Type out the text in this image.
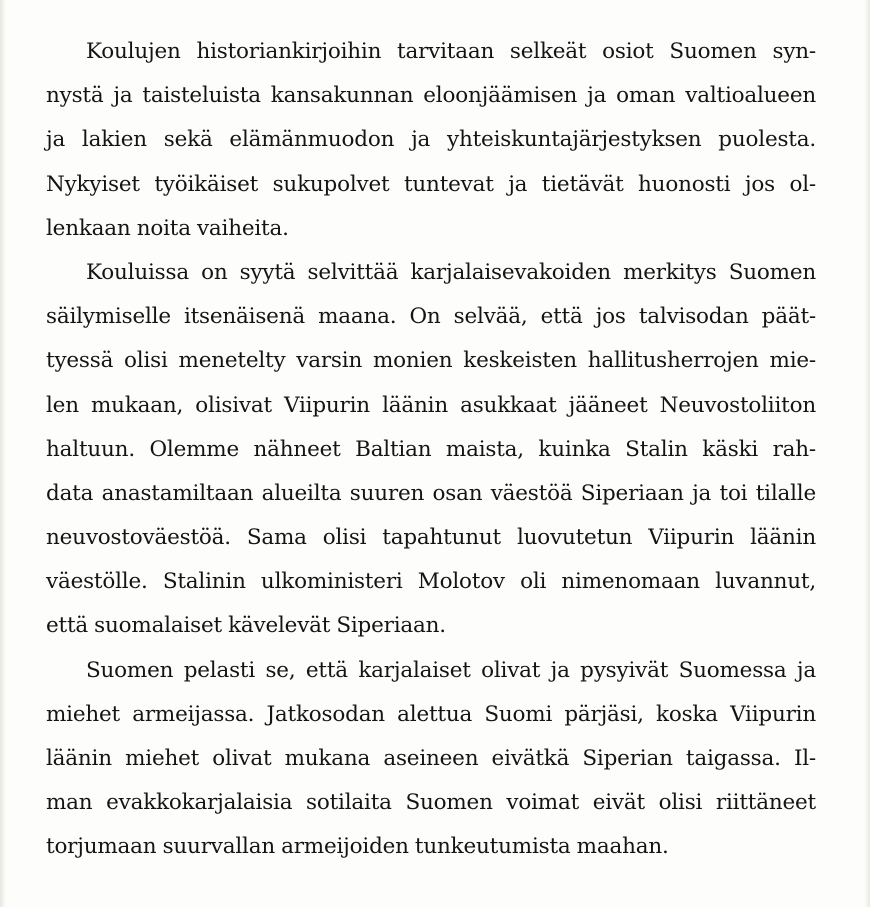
Koulujen historiankirjoihin tarvitaan selkeät osiot Suomen syn-
nystä ja taisteluista kansakunnan eloonjäämisen ja oman valtioalueen
ja lakien sekä elämänmuodon ja yhteiskuntajärjestyksen puolesta.
Nykyiset työikäiset sukupolvet tuntevat ja tietävät huonosti jos ol-
lenkaan noita vaiheita.
Kouluissa on syytä selvittää karjalaisevakoiden merkitys Suomen
säilymiselle itsenäisenä maana. On selvää, että jos talvisodan päät-
tyessä olisi menetelty varsin monien keskeisten hallitusherrojen mie-
len mukaan, olisivat Viipurin läänin asukkaat jääneet Neuvostoliiton
haltuun. Olemme nähneet Baltian maista, kuinka Stalin käski rah-
data anastamiltaan alueilta suuren osan väestöä Siperiaan ja toi tilalle
neuvostoväestöä. Sama olisi tapahtunut luovutetun Viipurin läänin
väestölle. Stalinin ulkoministeri Molotov oli nimenomaan luvannut,
että suomalaiset kävelevät Siperiaan.
Suomen pelasti se, että karjalaiset olivat ja pysyivät Suomessa ja
miehet armeijassa. Jatkosodan alettua Suomi pärjäsi, koska Viipurin
läänin miehet olivat mukana aseineen eivätkä Siperian taigassa. Il-
man evakkokarjalaisia sotilaita Suomen voimat eivät olisi riittäneet
torjumaan suurvallan armeijoiden tunkeutumista maahan.
